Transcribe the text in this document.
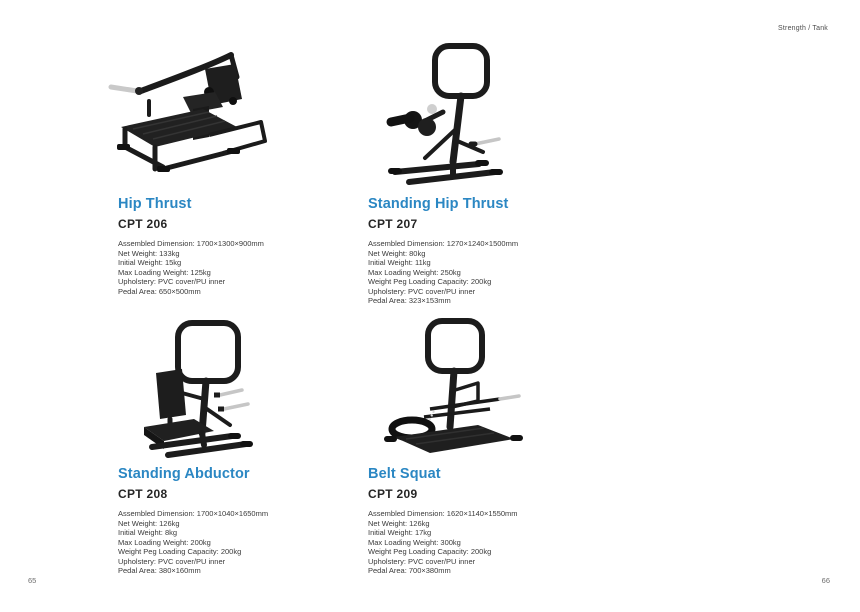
Strength / Tank
Hip Thrust
CPT 206
Assembled Dimension: 1700×1300×900mm
Net Weight: 133kg
Initial Weight: 15kg
Max Loading Weight: 125kg
Upholstery: PVC cover/PU inner
Pedal Area: 650×500mm
Standing Hip Thrust
CPT 207
Assembled Dimension: 1270×1240×1500mm
Net Weight: 80kg
Initial Weight: 11kg
Max Loading Weight: 250kg
Weight Peg Loading Capacity: 200kg
Upholstery: PVC cover/PU inner
Pedal Area: 323×153mm
Standing Abductor
CPT 208
Assembled Dimension: 1700×1040×1650mm
Net Weight: 126kg
Initial Weight: 8kg
Max Loading Weight: 200kg
Weight Peg Loading Capacity: 200kg
Upholstery: PVC cover/PU inner
Pedal Area: 380×160mm
Belt Squat
CPT 209
Assembled Dimension: 1620×1140×1550mm
Net Weight: 126kg
Initial Weight: 17kg
Max Loading Weight: 300kg
Weight Peg Loading Capacity: 200kg
Upholstery: PVC cover/PU inner
Pedal Area: 700×380mm
65	66
